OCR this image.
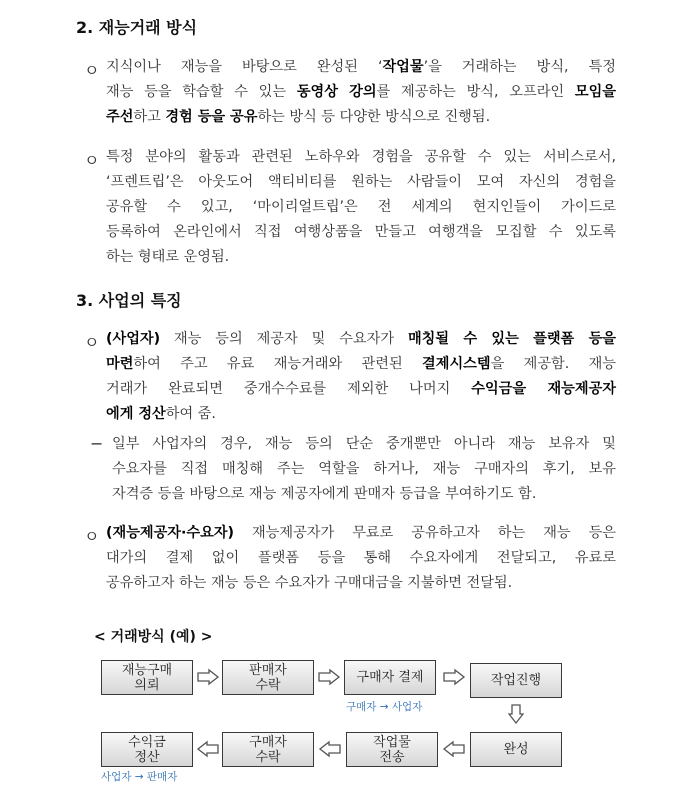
2. 재능거래 방식
ㅇ 지식이나 재능을 바탕으로 완성된 ‘작업물’을 거래하는 방식, 특정
재능 등을 학습할 수 있는 동영상 강의를 제공하는 방식, 오프라인 모임을
주선하고 경험 등을 공유하는 방식 등 다양한 방식으로 진행됨.
ㅇ 특정 분야의 활동과 관련된 노하우와 경험을 공유할 수 있는 서비스로서,
‘프렌트립’은 아웃도어 액티비티를 원하는 사람들이 모여 자신의 경험을
공유할 수 있고, ‘마이리얼트립’은 전 세계의 현지인들이 가이드로
등록하여 온라인에서 직접 여행상품을 만들고 여행객을 모집할 수 있도록
하는 형태로 운영됨.
3. 사업의 특징
ㅇ (사업자) 재능 등의 제공자 및 수요자가 매칭될 수 있는 플랫폼 등을
마련하여 주고 유료 재능거래와 관련된 결제시스템을 제공함. 재능
거래가 완료되면 중개수수료를 제외한 나머지 수익금을 재능제공자
에게 정산하여 줌.
− 일부 사업자의 경우, 재능 등의 단순 중개뿐만 아니라 재능 보유자 및
수요자를 직접 매칭해 주는 역할을 하거나, 재능 구매자의 후기, 보유
자격증 등을 바탕으로 재능 제공자에게 판매자 등급을 부여하기도 함.
ㅇ (재능제공자·수요자) 재능제공자가 무료로 공유하고자 하는 재능 등은
대가의 결제 없이 플랫폼 등을 통해 수요자에게 전달되고, 유료로
공유하고자 하는 재능 등은 수요자가 구매대금을 지불하면 전달됨.
< 거래방식 (예) >
재능구매
의뢰
판매자
수락	구매자 결제	작업진행
완성
작업물
전송
구매자
수락
수익금
정산
구매자 → 사업자
사업자 → 판매자
